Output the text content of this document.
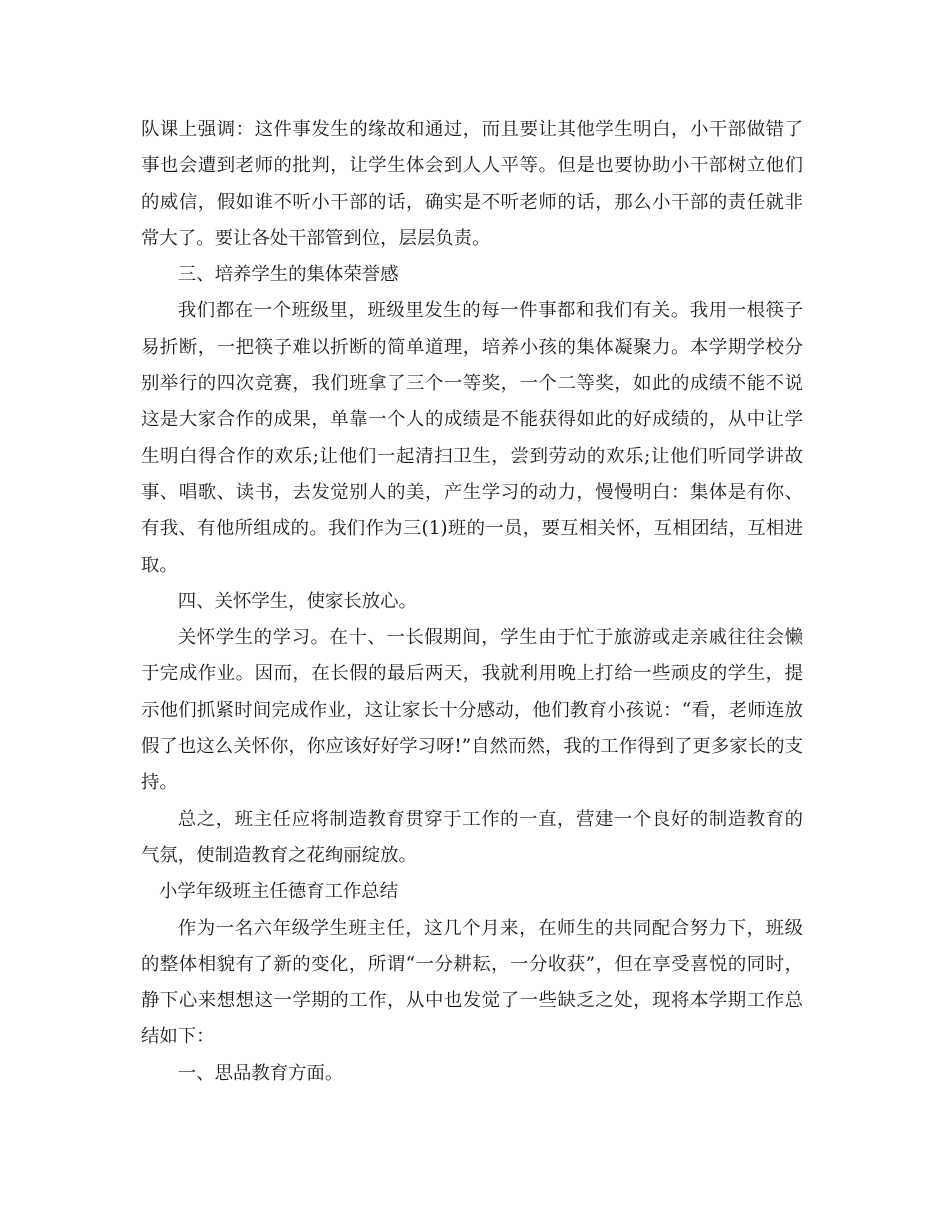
队课上强调：这件事发生的缘故和通过，而且要让其他学生明白，小干部做错了事也会遭到老师的批判，让学生体会到人人平等。但是也要协助小干部树立他们的威信，假如谁不听小干部的话，确实是不听老师的话，那么小干部的责任就非常大了。要让各处干部管到位，层层负责。

三、培养学生的集体荣誉感

我们都在一个班级里，班级里发生的每一件事都和我们有关。我用一根筷子易折断，一把筷子难以折断的简单道理，培养小孩的集体凝聚力。本学期学校分别举行的四次竞赛，我们班拿了三个一等奖，一个二等奖，如此的成绩不能不说这是大家合作的成果，单靠一个人的成绩是不能获得如此的好成绩的，从中让学生明白得合作的欢乐;让他们一起清扫卫生，尝到劳动的欢乐;让他们听同学讲故事、唱歌、读书，去发觉别人的美，产生学习的动力，慢慢明白：集体是有你、有我、有他所组成的。我们作为三(1)班的一员，要互相关怀，互相团结，互相进取。

四、关怀学生，使家长放心。

关怀学生的学习。在十、一长假期间，学生由于忙于旅游或走亲戚往往会懒于完成作业。因而，在长假的最后两天，我就利用晚上打给一些顽皮的学生，提示他们抓紧时间完成作业，这让家长十分感动，他们教育小孩说：“看，老师连放假了也这么关怀你，你应该好好学习呀!”自然而然，我的工作得到了更多家长的支持。

总之，班主任应将制造教育贯穿于工作的一直，营建一个良好的制造教育的气氛，使制造教育之花绚丽绽放。

小学年级班主任德育工作总结

作为一名六年级学生班主任，这几个月来，在师生的共同配合努力下，班级的整体相貌有了新的变化，所谓“一分耕耘，一分收获”，但在享受喜悦的同时，静下心来想想这一学期的工作，从中也发觉了一些缺乏之处，现将本学期工作总结如下：

一、思品教育方面。
